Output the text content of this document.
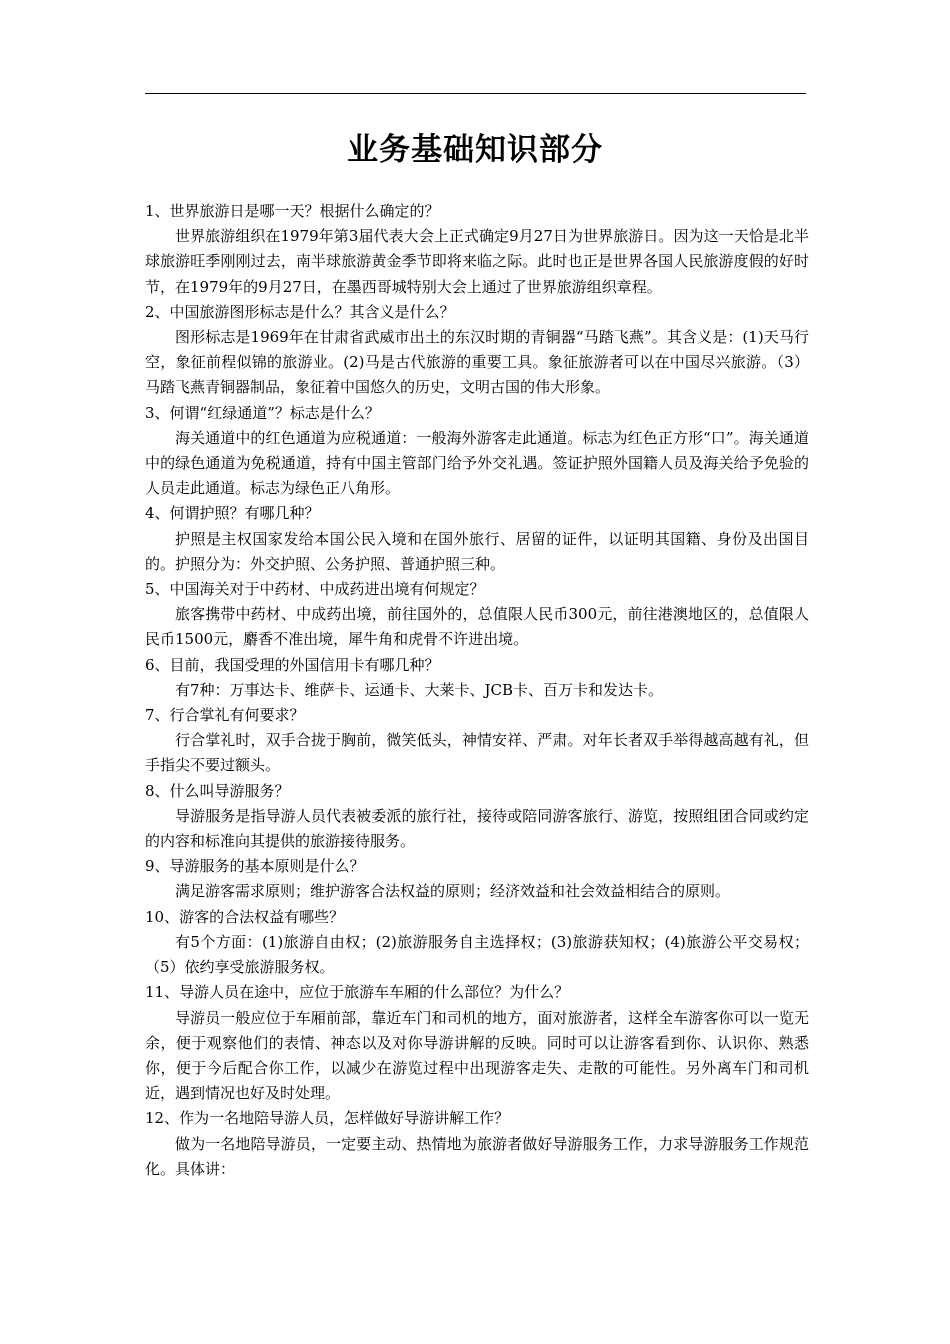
业务基础知识部分

1、世界旅游日是哪一天？根据什么确定的？

世界旅游组织在1979年第3届代表大会上正式确定9月27日为世界旅游日。因为这一天恰是北半球旅游旺季刚刚过去，南半球旅游黄金季节即将来临之际。此时也正是世界各国人民旅游度假的好时节，在1979年的9月27日，在墨西哥城特别大会上通过了世界旅游组织章程。

2、中国旅游图形标志是什么？其含义是什么？

图形标志是1969年在甘肃省武威市出土的东汉时期的青铜器“马踏飞燕”。其含义是：(1)天马行空，象征前程似锦的旅游业。(2)马是古代旅游的重要工具。象征旅游者可以在中国尽兴旅游。（3）马踏飞燕青铜器制品，象征着中国悠久的历史，文明古国的伟大形象。

3、何谓“红绿通道”？标志是什么？

海关通道中的红色通道为应税通道：一般海外游客走此通道。标志为红色正方形“口”。海关通道中的绿色通道为免税通道，持有中国主管部门给予外交礼遇。签证护照外国籍人员及海关给予免验的人员走此通道。标志为绿色正八角形。

4、何谓护照？有哪几种？

护照是主权国家发给本国公民入境和在国外旅行、居留的证件，以证明其国籍、身份及出国目的。护照分为：外交护照、公务护照、普通护照三种。

5、中国海关对于中药材、中成药进出境有何规定？

旅客携带中药材、中成药出境，前往国外的，总值限人民币300元，前往港澳地区的，总值限人民币1500元，麝香不准出境，犀牛角和虎骨不许进出境。

6、目前，我国受理的外国信用卡有哪几种？

有7种：万事达卡、维萨卡、运通卡、大莱卡、JCB卡、百万卡和发达卡。

7、行合掌礼有何要求？

行合掌礼时，双手合拢于胸前，微笑低头，神情安祥、严肃。对年长者双手举得越高越有礼，但手指尖不要过额头。

8、什么叫导游服务？

导游服务是指导游人员代表被委派的旅行社，接待或陪同游客旅行、游览，按照组团合同或约定的内容和标准向其提供的旅游接待服务。

9、导游服务的基本原则是什么？

满足游客需求原则；维护游客合法权益的原则；经济效益和社会效益相结合的原则。

10、游客的合法权益有哪些？

有5个方面：(1)旅游自由权；(2)旅游服务自主选择权；(3)旅游获知权；(4)旅游公平交易权；（5）依约享受旅游服务权。

11、导游人员在途中，应位于旅游车车厢的什么部位？为什么？

导游员一般应位于车厢前部，靠近车门和司机的地方，面对旅游者，这样全车游客你可以一览无余，便于观察他们的表情、神态以及对你导游讲解的反映。同时可以让游客看到你、认识你、熟悉你，便于今后配合你工作，以减少在游览过程中出现游客走失、走散的可能性。另外离车门和司机近，遇到情况也好及时处理。

12、作为一名地陪导游人员，怎样做好导游讲解工作？

做为一名地陪导游员，一定要主动、热情地为旅游者做好导游服务工作，力求导游服务工作规范化。具体讲：
